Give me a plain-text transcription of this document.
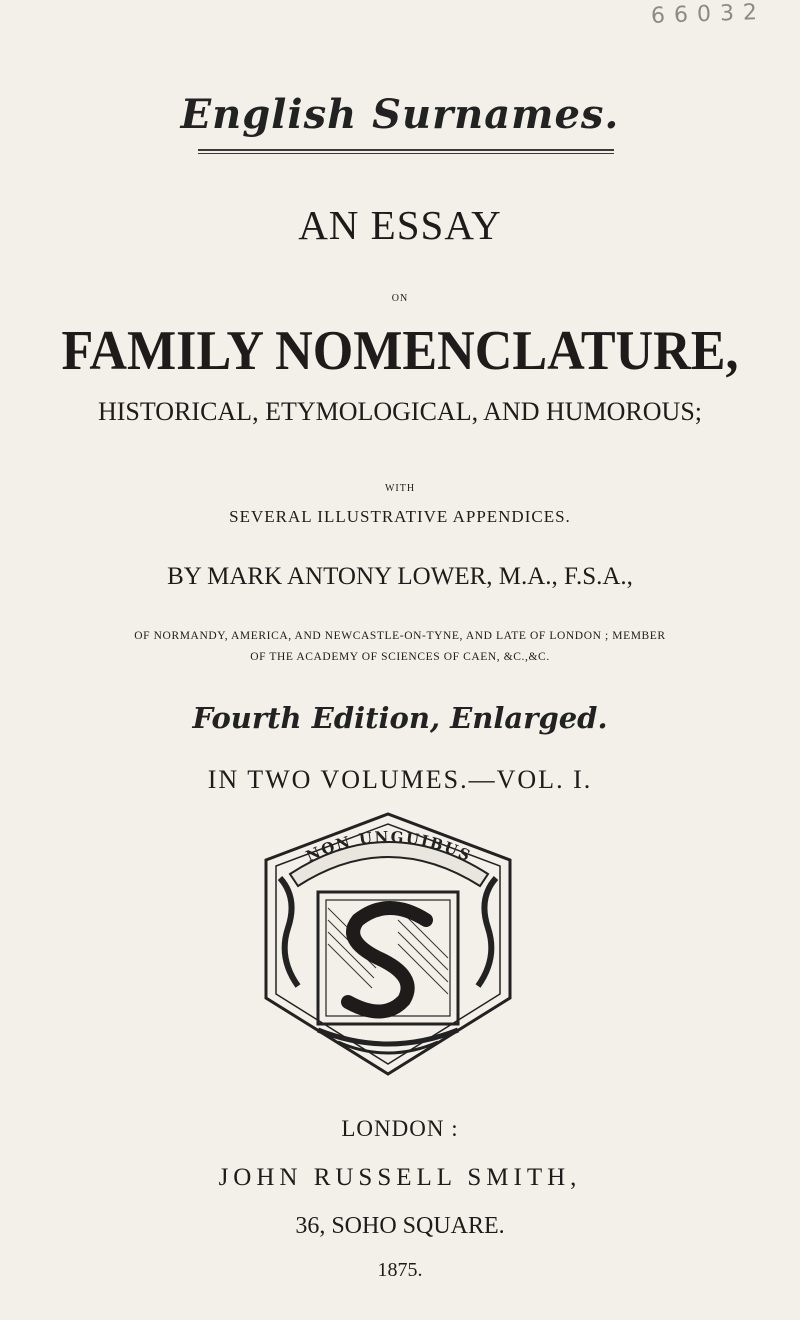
6 6 0 3 2
English Surnames.
AN ESSAY
ON
FAMILY NOMENCLATURE,
HISTORICAL, ETYMOLOGICAL, AND HUMOROUS;
WITH
SEVERAL ILLUSTRATIVE APPENDICES.
BY MARK ANTONY LOWER, M.A., F.S.A.,
OF NORMANDY, AMERICA, AND NEWCASTLE-ON-TYNE, AND LATE OF LONDON ; MEMBER
OF THE ACADEMY OF SCIENCES OF CAEN, &C.,&C.
Fourth Edition, Enlarged.
IN TWO VOLUMES.—VOL. I.
NON UNGUIBUS
LONDON :
JOHN RUSSELL SMITH,
36, SOHO SQUARE.
1875.
